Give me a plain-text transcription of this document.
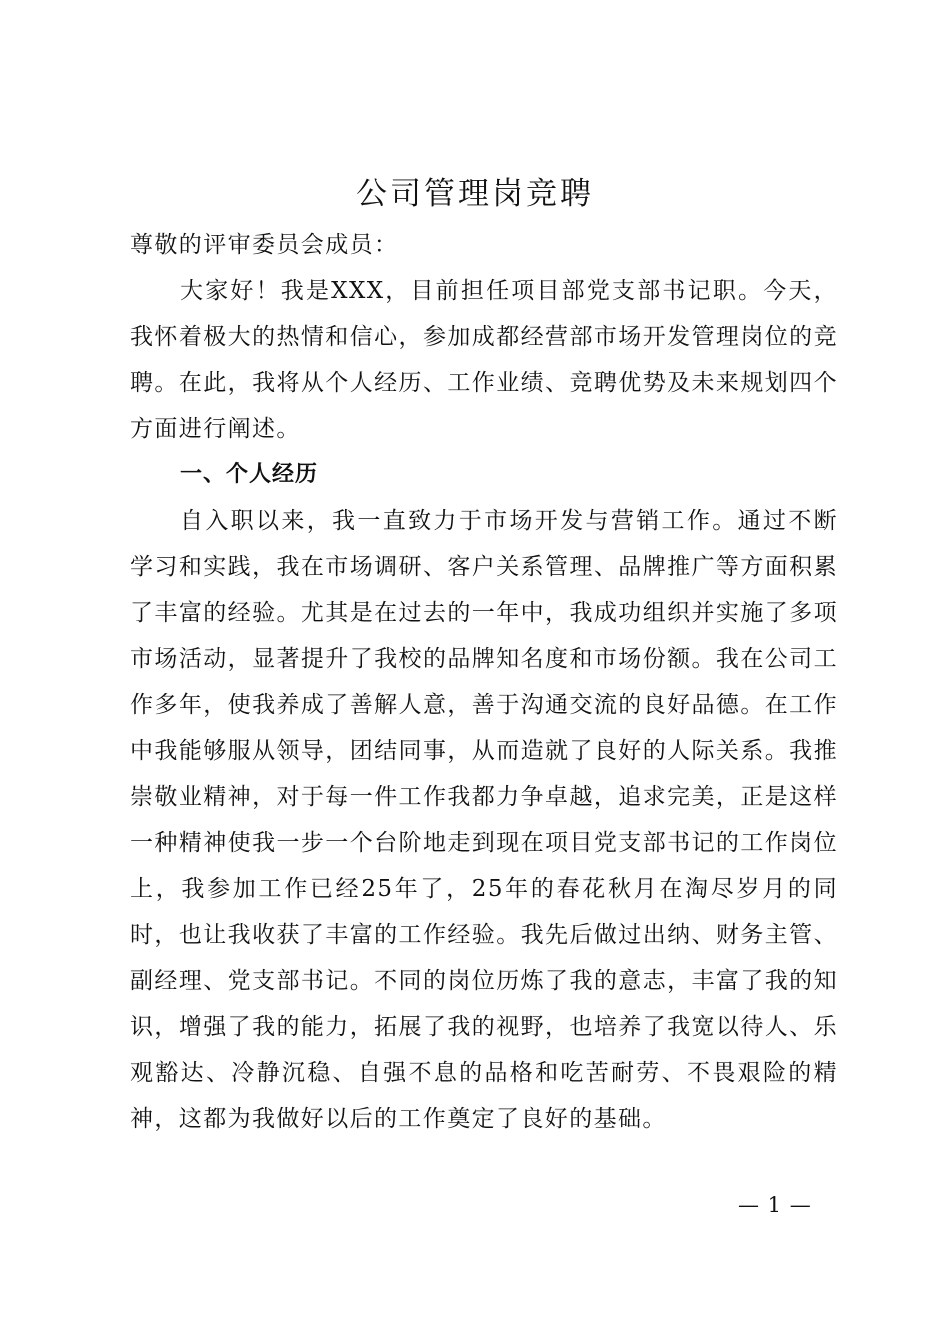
公司管理岗竞聘

尊敬的评审委员会成员：

大家好！我是XXX，目前担任项目部党支部书记职。今天，我怀着极大的热情和信心，参加成都经营部市场开发管理岗位的竞聘。在此，我将从个人经历、工作业绩、竞聘优势及未来规划四个方面进行阐述。

一、个人经历

自入职以来，我一直致力于市场开发与营销工作。通过不断学习和实践，我在市场调研、客户关系管理、品牌推广等方面积累了丰富的经验。尤其是在过去的一年中，我成功组织并实施了多项市场活动，显著提升了我校的品牌知名度和市场份额。我在公司工作多年，使我养成了善解人意，善于沟通交流的良好品德。在工作中我能够服从领导，团结同事，从而造就了良好的人际关系。我推崇敬业精神，对于每一件工作我都力争卓越，追求完美，正是这样一种精神使我一步一个台阶地走到现在项目党支部书记的工作岗位上，我参加工作已经25年了，25年的春花秋月在淘尽岁月的同时，也让我收获了丰富的工作经验。我先后做过出纳、财务主管、副经理、党支部书记。不同的岗位历炼了我的意志，丰富了我的知识，增强了我的能力，拓展了我的视野，也培养了我宽以待人、乐观豁达、冷静沉稳、自强不息的品格和吃苦耐劳、不畏艰险的精神，这都为我做好以后的工作奠定了良好的基础。

— 1 —
